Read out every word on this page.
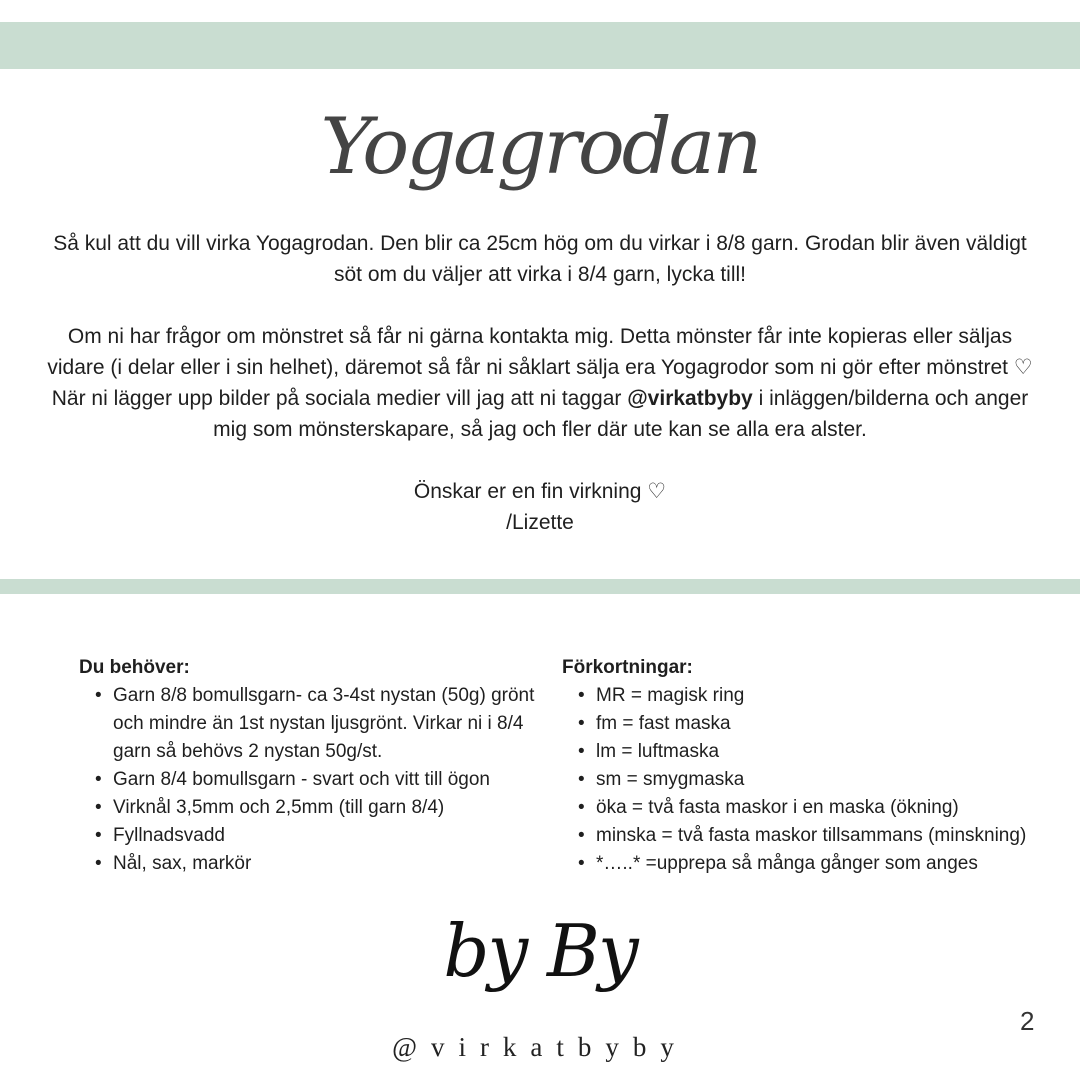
Yogagrodan

Så kul att du vill virka Yogagrodan. Den blir ca 25cm hög om du virkar i 8/8 garn. Grodan blir även väldigt söt om du väljer att virka i 8/4 garn, lycka till!

Om ni har frågor om mönstret så får ni gärna kontakta mig. Detta mönster får inte kopieras eller säljas vidare (i delar eller i sin helhet), däremot så får ni såklart sälja era Yogagrodor som ni gör efter mönstret ♡

När ni lägger upp bilder på sociala medier vill jag att ni taggar @virkatbyby i inläggen/bilderna och anger mig som mönsterskapare, så jag och fler där ute kan se alla era alster.

Önskar er en fin virkning ♡

/Lizette

Du behöver:
• Garn 8/8 bomullsgarn- ca 3-4st nystan (50g) grönt och mindre än 1st nystan ljusgrönt. Virkar ni i 8/4 garn så behövs 2 nystan 50g/st.
• Garn 8/4 bomullsgarn - svart och vitt till ögon
• Virknål 3,5mm och 2,5mm (till garn 8/4)
• Fyllnadsvadd
• Nål, sax, markör
Förkortningar:
• MR = magisk ring
• fm = fast maska
• lm = luftmaska
• sm = smygmaska
• öka = två fasta maskor i en maska (ökning)
• minska = två fasta maskor tillsammans (minskning)
• *…..* =upprepa så många gånger som anges
by By
@virkatbyby
2
